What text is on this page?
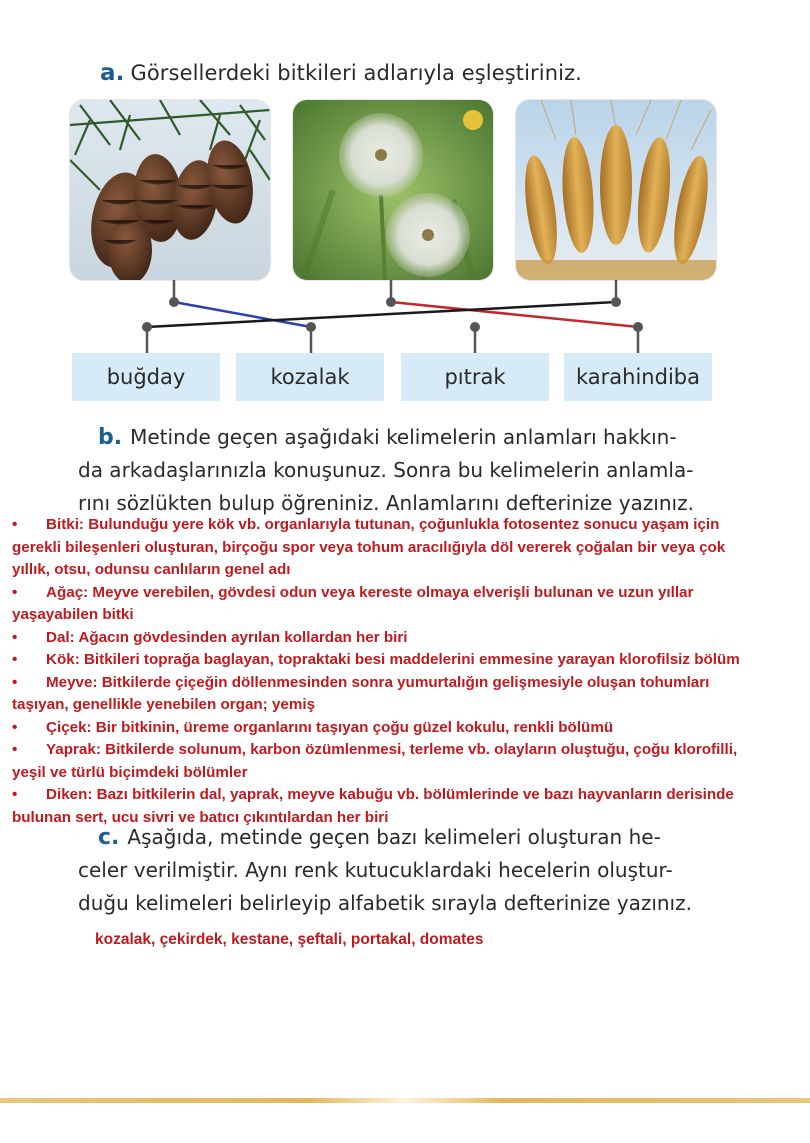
a. Görsellerdeki bitkileri adlarıyla eşleştiriniz.
buğday	kozalak	pıtrak	karahindiba
b. Metinde geçen aşağıdaki kelimelerin anlamları hakkın-
da arkadaşlarınızla konuşunuz. Sonra bu kelimelerin anlamla-
rını sözlükten bulup öğreniniz. Anlamlarını defterinize yazınız.
• Bitki: Bulunduğu yere kök vb. organlarıyla tutunan, çoğunlukla fotosentez sonucu yaşam için
gerekli bileşenleri oluşturan, birçoğu spor veya tohum aracılığıyla döl vererek çoğalan bir veya çok
yıllık, otsu, odunsu canlıların genel adı
• Ağaç: Meyve verebilen, gövdesi odun veya kereste olmaya elverişli bulunan ve uzun yıllar
yaşayabilen bitki
• Dal: Ağacın gövdesinden ayrılan kollardan her biri
• Kök: Bitkileri toprağa baglayan, topraktaki besi maddelerini emmesine yarayan klorofilsiz bölüm
• Meyve: Bitkilerde çiçeğin döllenmesinden sonra yumurtalığın gelişmesiyle oluşan tohumları
taşıyan, genellikle yenebilen organ; yemiş
• Çiçek: Bir bitkinin, üreme organlarını taşıyan çoğu güzel kokulu, renkli bölümü
• Yaprak: Bitkilerde solunum, karbon özümlenmesi, terleme vb. olayların oluştuğu, çoğu klorofilli,
yeşil ve türlü biçimdeki bölümler
• Diken: Bazı bitkilerin dal, yaprak, meyve kabuğu vb. bölümlerinde ve bazı hayvanların derisinde
bulunan sert, ucu sivri ve batıcı çıkıntılardan her biri
c. Aşağıda, metinde geçen bazı kelimeleri oluşturan he-
celer verilmiştir. Aynı renk kutucuklardaki hecelerin oluştur-
duğu kelimeleri belirleyip alfabetik sırayla defterinize yazınız.
kozalak, çekirdek, kestane, şeftali, portakal, domates
